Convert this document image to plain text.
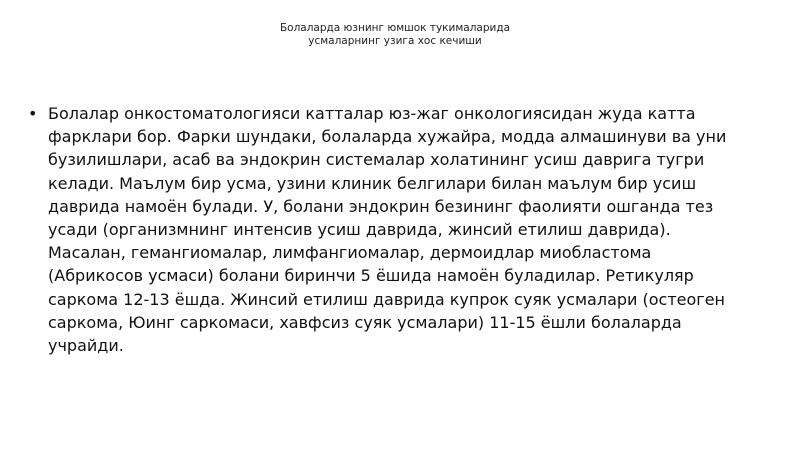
Болаларда юзнинг юмшок тукималарида
усмаларнинг узига хос кечиши
• Болалар онкостоматологияси катталар юз-жаг онкологиясидан жуда катта
фарклари бор. Фарки шундаки, болаларда хужайра, модда алмашинуви ва уни
бузилишлари, асаб ва эндокрин системалар холатининг усиш даврига тугри
келади. Маълум бир усма, узини клиник белгилари билан маълум бир усиш
даврида намоён булади. У, болани эндокрин безининг фаолияти ошганда тез
усади (организмнинг интенсив усиш даврида, жинсий етилиш даврида).
Масалан, гемангиомалар, лимфангиомалар, дермоидлар миобластома
(Абрикосов усмаси) болани биринчи 5 ёшида намоён буладилар. Ретикуляр
саркома 12-13 ёшда. Жинсий етилиш даврида купрок суяк усмалари (остеоген
саркома, Юинг саркомаси, хавфсиз суяк усмалари) 11-15 ёшли болаларда
учрайди.
